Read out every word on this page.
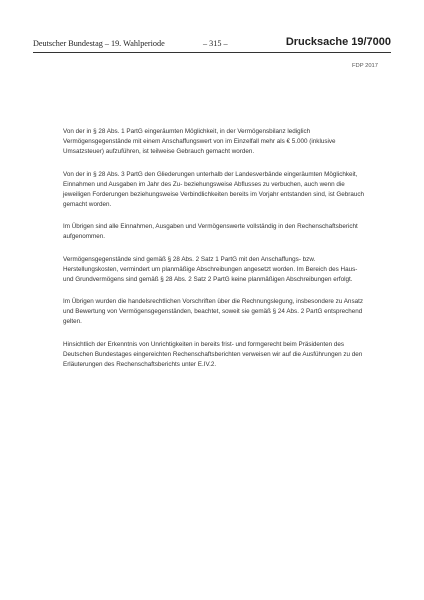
Deutscher Bundestag – 19. Wahlperiode	– 315 –	Drucksache 19/7000
FDP 2017

Von der in § 28 Abs. 1 PartG eingeräumten Möglichkeit, in der Vermögensbilanz lediglich Vermögensgegenstände mit einem Anschaffungswert von im Einzelfall mehr als € 5.000 (inklusive Umsatzsteuer) aufzuführen, ist teilweise Gebrauch gemacht worden.

Von der in § 28 Abs. 3 PartG den Gliederungen unterhalb der Landesverbände eingeräumten Möglichkeit, Einnahmen und Ausgaben im Jahr des Zu- beziehungsweise Abflusses zu verbuchen, auch wenn die jeweiligen Forderungen beziehungsweise Verbindlichkeiten bereits im Vorjahr entstanden sind, ist Gebrauch gemacht worden.

Im Übrigen sind alle Einnahmen, Ausgaben und Vermögenswerte vollständig in den Rechenschaftsbericht aufgenommen.

Vermögensgegenstände sind gemäß § 28 Abs. 2 Satz 1 PartG mit den Anschaffungs- bzw. Herstellungskosten, vermindert um planmäßige Abschreibungen angesetzt worden. Im Bereich des Haus- und Grundvermögens sind gemäß § 28 Abs. 2 Satz 2 PartG keine planmäßigen Abschreibungen erfolgt.

Im Übrigen wurden die handelsrechtlichen Vorschriften über die Rechnungslegung, insbesondere zu Ansatz und Bewertung von Vermögensgegenständen, beachtet, soweit sie gemäß § 24 Abs. 2 PartG entsprechend gelten.

Hinsichtlich der Erkenntnis von Unrichtigkeiten in bereits frist- und formgerecht beim Präsidenten des Deutschen Bundestages eingereichten Rechenschaftsberichten verweisen wir auf die Ausführungen zu den Erläuterungen des Rechenschaftsberichts unter E.IV.2.
